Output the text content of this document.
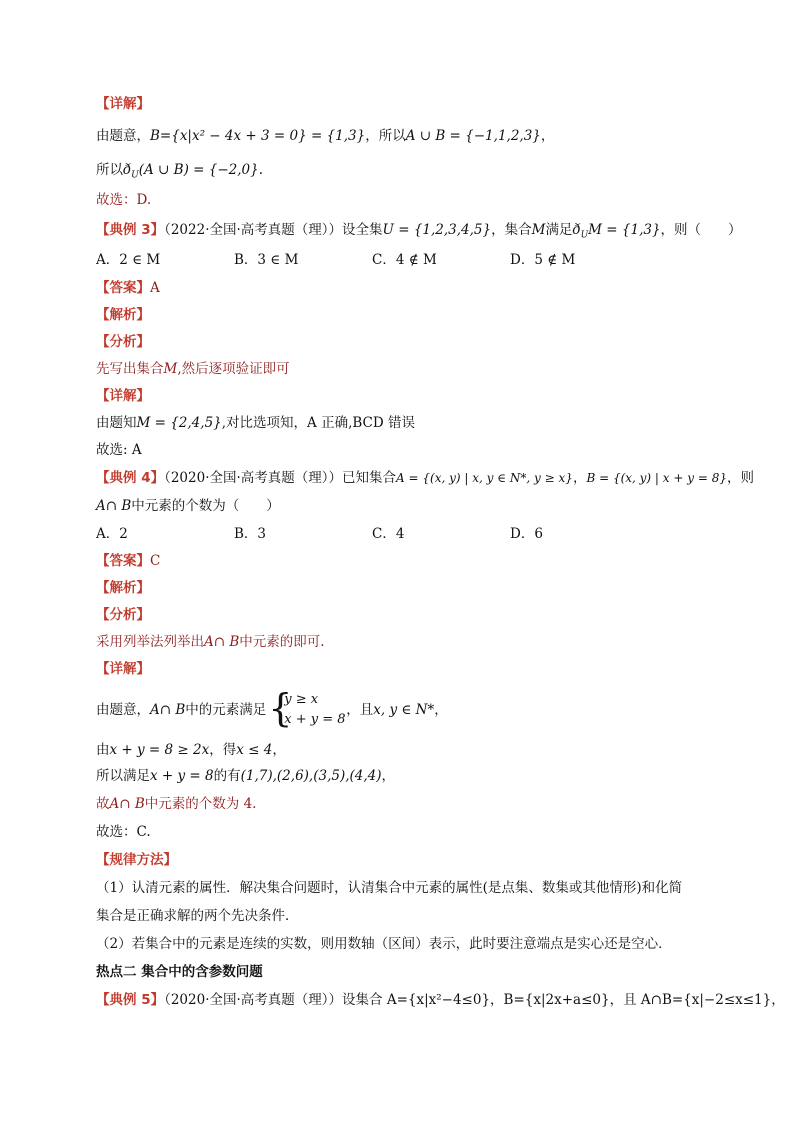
【详解】
由题意，B={x|x² − 4x + 3 = 0} = {1,3}，所以A ∪ B = {−1,1,2,3}，
所以$ð_U(A$ ∪ B) = {−2,0}.
故选：D.
【典例 3】（2022·全国·高考真题（理））设全集U = {1,2,3,4,5}，集合M满足$ð_UM = \{1,3\}$，则（　　）
A．2 ∈ M	B．3 ∈ M	C．4 ∉ M	D．5 ∉ M
【答案】A
【解析】
【分析】
先写出集合M,然后逐项验证即可
【详解】
由题知M = {2,4,5},对比选项知，A 正确,BCD 错误
故选: A
【典例 4】（2020·全国·高考真题（理））已知集合A = {(x, y) | x, y ∈ N*, y ≥ x}，B = {(x, y) | x + y = 8}，则
A∩ B中元素的个数为（　　）
A．2	B．3	C．4	D．6
【答案】C
【解析】
【分析】
采用列举法列举出A∩ B中元素的即可.
【详解】
由题意，A∩ B中的元素满足 {
y ≥ x
x + y = 8
，且x, y ∈ N*，
由x + y = 8 ≥ 2x，得x ≤ 4，
所以满足x + y = 8的有(1,7),(2,6),(3,5),(4,4)，
故A∩ B中元素的个数为 4.
故选：C.
【规律方法】
（1）认清元素的属性．解决集合问题时，认清集合中元素的属性(是点集、数集或其他情形)和化简
集合是正确求解的两个先决条件．
（2）若集合中的元素是连续的实数，则用数轴（区间）表示，此时要注意端点是实心还是空心．
热点二 集合中的含参数问题
【典例 5】（2020·全国·高考真题（理））设集合 A={x|x²−4≤0}，B={x|2x+a≤0}，且 A∩B={x|−2≤x≤1}，
